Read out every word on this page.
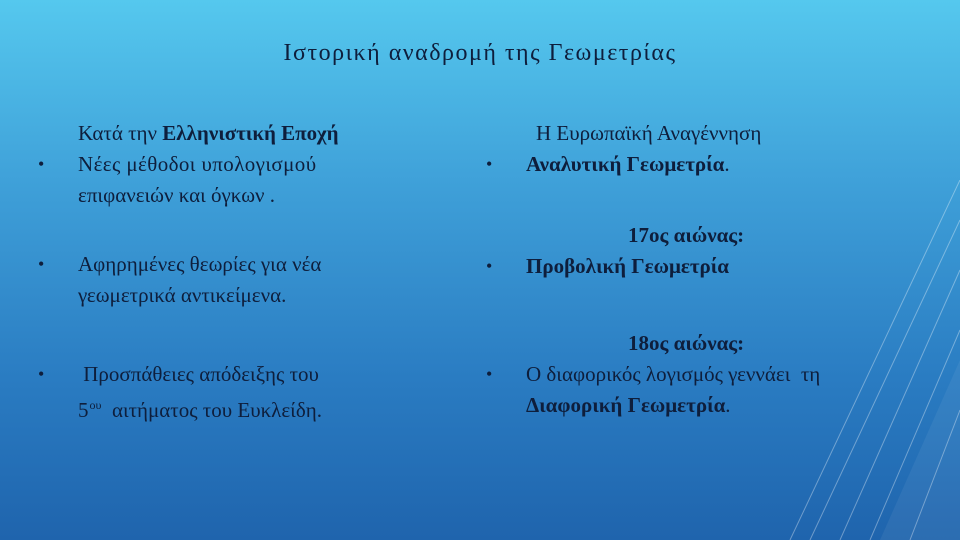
Ιστορική αναδρομή της Γεωμετρίας
Κατά την Ελληνιστική Εποχή
• Νέες μέθοδοι υπολογισμού
επιφανειών και όγκων .
• Αφηρημένες θεωρίες για νέα
γεωμετρικά αντικείμενα.
• Προσπάθειες απόδειξης του
$5^{o\upsilon}$  αιτήματος του Ευκλείδη.
Η Ευρωπαϊκή Αναγέννηση
• Αναλυτική Γεωμετρία.
17ος αιώνας:
• Προβολική Γεωμετρία
18ος αιώνας:
• Ο διαφορικός λογισμός γεννάει  τη
Διαφορική Γεωμετρία.
